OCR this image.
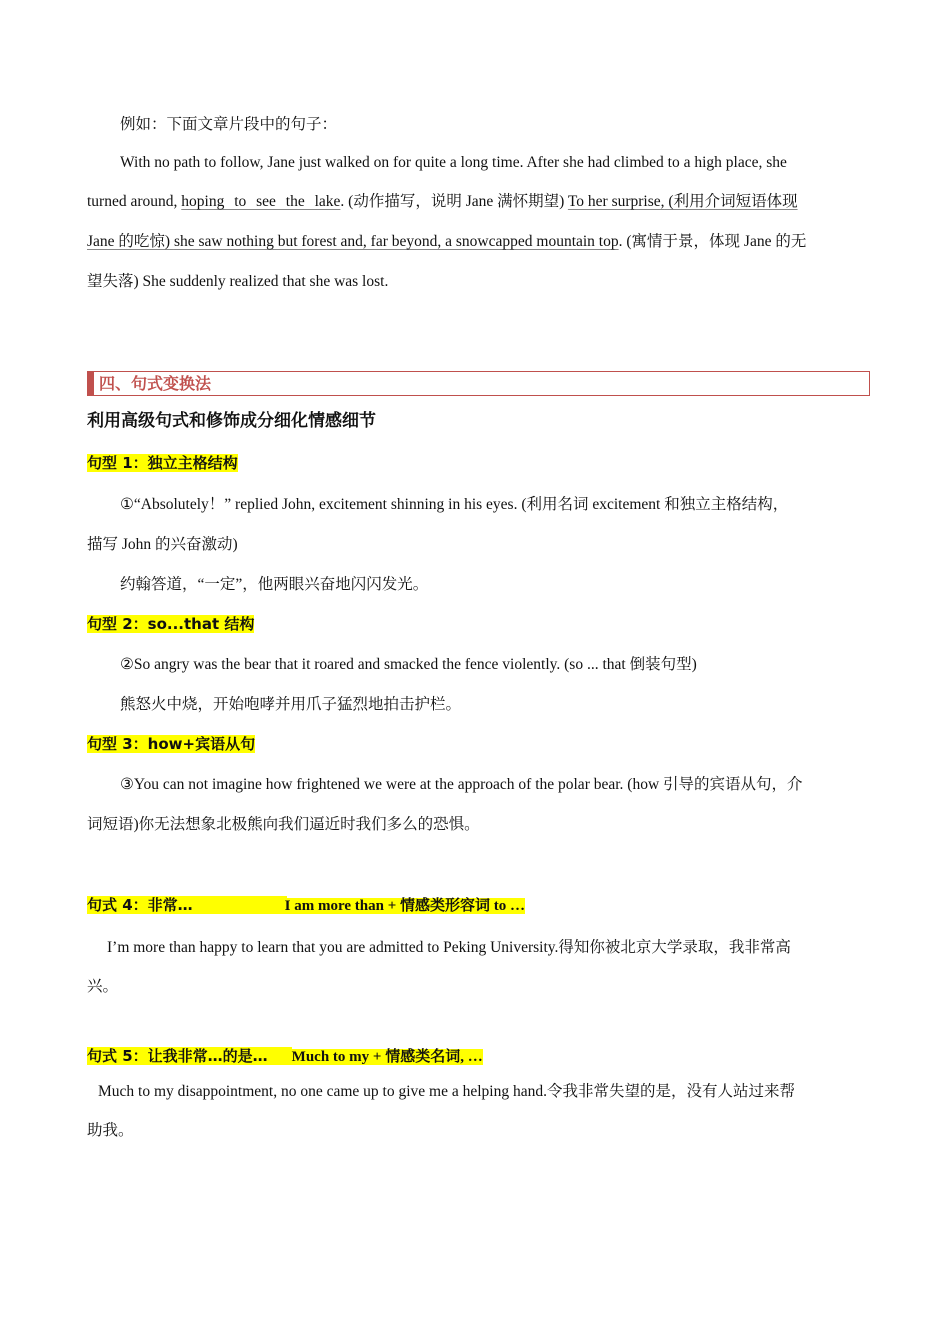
例如：下面文章片段中的句子：
With no path to follow, Jane just walked on for quite a long time. After she had climbed to a high place, she
turned around, hoping to see the lake. (动作描写，说明 Jane 满怀期望) To her surprise, (利用介词短语体现
Jane 的吃惊) she saw nothing but forest and, far beyond, a snowcapped mountain top. (寓情于景，体现 Jane 的无
望失落) She suddenly realized that she was lost.
四、句式变换法
利用高级句式和修饰成分细化情感细节
句型 1：独立主格结构
①“Absolutely！” replied John, excitement shinning in his eyes. (利用名词 excitement 和独立主格结构，
描写 John 的兴奋激动)
约翰答道，“一定”，他两眼兴奋地闪闪发光。
句型 2：so...that 结构
②So angry was the bear that it roared and smacked the fence violently. (so ... that 倒装句型)
熊怒火中烧，开始咆哮并用爪子猛烈地拍击护栏。
句型 3：how+宾语从句
③You can not imagine how frightened we were at the approach of the polar bear. (how 引导的宾语从句，介
词短语)你无法想象北极熊向我们逼近时我们多么的恐惧。
句式 4：非常…	I am more than + 情感类形容词 to …
I’m more than happy to learn that you are admitted to Peking University.得知你被北京大学录取，我非常高
兴。
句式 5：让我非常…的是… Much to my + 情感类名词, …
Much to my disappointment, no one came up to give me a helping hand.令我非常失望的是，没有人站过来帮
助我。
